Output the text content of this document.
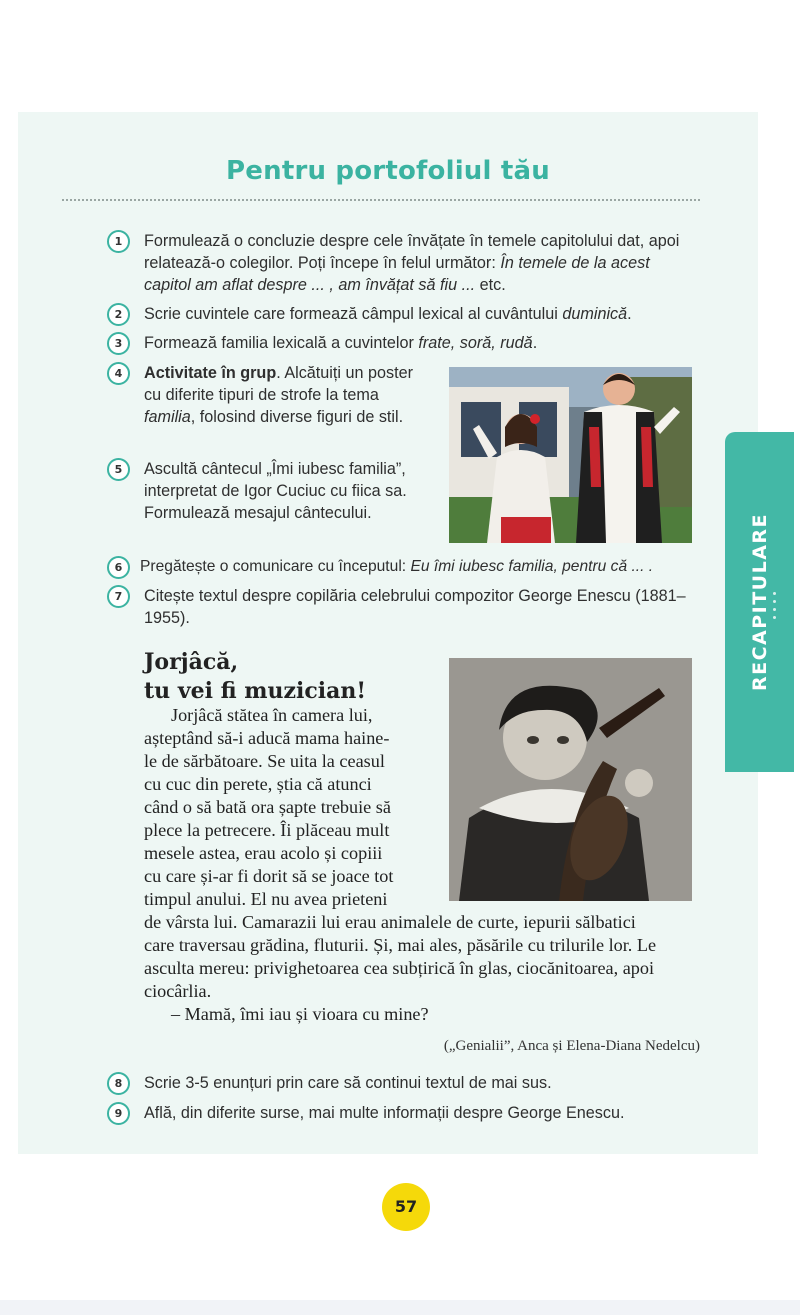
Pentru portofoliul tău
1	Formulează o concluzie despre cele învățate în temele capitolului dat, apoi relatează-o colegilor. Poți începe în felul următor: În temele de la acest capitol am aflat despre ... , am învățat să fiu ... etc.
2	Scrie cuvintele care formează câmpul lexical al cuvântului duminică.
3	Formează familia lexicală a cuvintelor frate, soră, rudă.
4	Activitate în grup. Alcătuiți un poster cu diferite tipuri de strofe la tema familia, folosind diverse figuri de stil.
5	Ascultă cântecul „Îmi iubesc familia”, interpretat de Igor Cuciuc cu fiica sa. Formulează mesajul cântecului.
6	Pregătește o comunicare cu începutul: Eu îmi iubesc familia, pentru că ... .
7	Citește textul despre copilăria celebrului compozitor George Enescu (1881–1955).
Jorjâcă,
tu vei fi muzician!
Jorjâcă stătea în camera lui,
așteptând să-i aducă mama haine-
le de sărbătoare. Se uita la ceasul
cu cuc din perete, știa că atunci
când o să bată ora șapte trebuie să
plece la petrecere. Îi plăceau mult
mesele astea, erau acolo și copiii
cu care și-ar fi dorit să se joace tot
timpul anului. El nu avea prieteni
de vârsta lui. Camarazii lui erau animalele de curte, iepurii sălbatici
care traversau grădina, fluturii. Și, mai ales, păsările cu trilurile lor. Le
asculta mereu: privighetoarea cea subțirică în glas, ciocănitoarea, apoi
ciocârlia.
– Mamă, îmi iau și vioara cu mine?
(„Genialii”, Anca și Elena-Diana Nedelcu)
8	Scrie 3-5 enunțuri prin care să continui textul de mai sus.
9	Află, din diferite surse, mai multe informații despre George Enescu.
RECAPITULARE
57
